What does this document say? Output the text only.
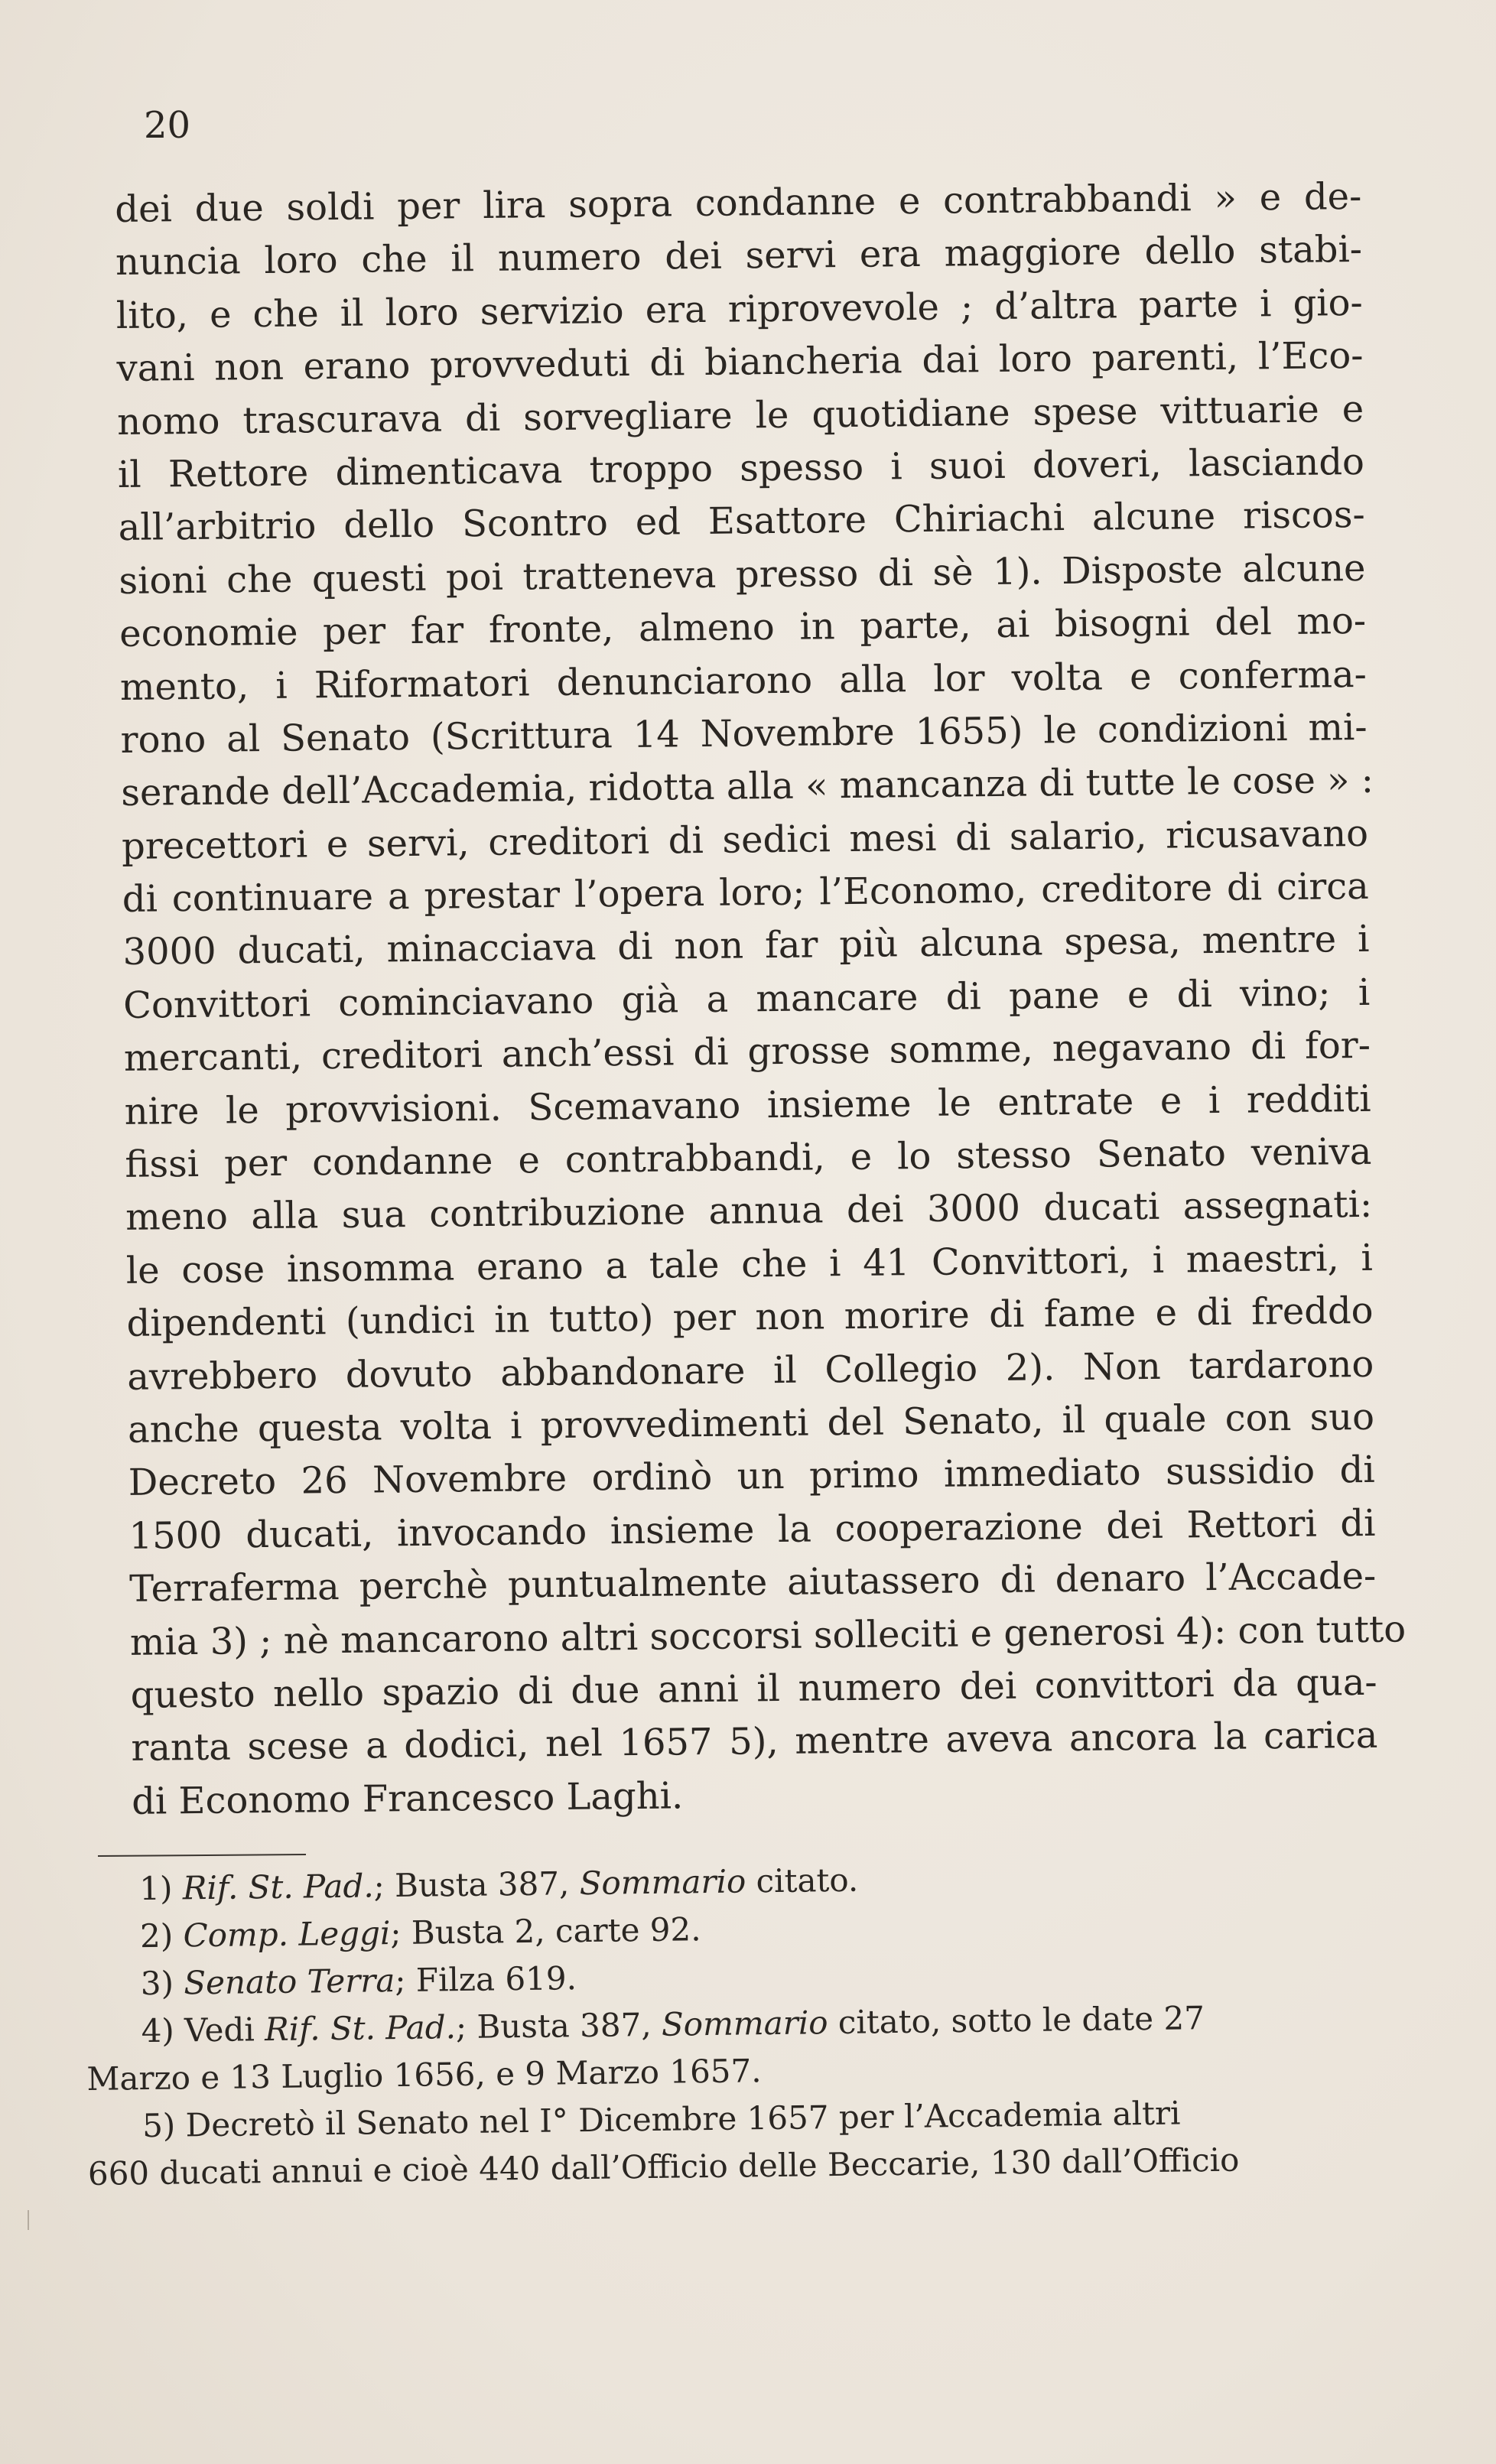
20
dei due soldi per lira sopra condanne e contrabbandi » e de-
nuncia loro che il numero dei servi era maggiore dello stabi-
lito, e che il loro servizio era riprovevole ; d’altra parte i gio-
vani non erano provveduti di biancheria dai loro parenti, l’Eco-
nomo trascurava di sorvegliare le quotidiane spese vittuarie e
il Rettore dimenticava troppo spesso i suoi doveri, lasciando
all’arbitrio dello Scontro ed Esattore Chiriachi alcune riscos-
sioni che questi poi tratteneva presso di sè 1). Disposte alcune
economie per far fronte, almeno in parte, ai bisogni del mo-
mento, i Riformatori denunciarono alla lor volta e conferma-
rono al Senato (Scrittura 14 Novembre 1655) le condizioni mi-
serande dell’Accademia, ridotta alla « mancanza di tutte le cose » :
precettori e servi, creditori di sedici mesi di salario, ricusavano
di continuare a prestar l’opera loro; l’Economo, creditore di circa
3000 ducati, minacciava di non far più alcuna spesa, mentre i
Convittori cominciavano già a mancare di pane e di vino; i
mercanti, creditori anch’essi di grosse somme, negavano di for-
nire le provvisioni. Scemavano insieme le entrate e i redditi
fissi per condanne e contrabbandi, e lo stesso Senato veniva
meno alla sua contribuzione annua dei 3000 ducati assegnati:
le cose insomma erano a tale che i 41 Convittori, i maestri, i
dipendenti (undici in tutto) per non morire di fame e di freddo
avrebbero dovuto abbandonare il Collegio 2). Non tardarono
anche questa volta i provvedimenti del Senato, il quale con suo
Decreto 26 Novembre ordinò un primo immediato sussidio di
1500 ducati, invocando insieme la cooperazione dei Rettori di
Terraferma perchè puntualmente aiutassero di denaro l’Accade-
mia 3) ; nè mancarono altri soccorsi solleciti e generosi 4): con tutto
questo nello spazio di due anni il numero dei convittori da qua-
ranta scese a dodici, nel 1657 5), mentre aveva ancora la carica
di Economo Francesco Laghi.
1) Rif. St. Pad.; Busta 387, Sommario citato.
2) Comp. Leggi; Busta 2, carte 92.
3) Senato Terra; Filza 619.
4) Vedi Rif. St. Pad.; Busta 387, Sommario citato, sotto le date 27
Marzo e 13 Luglio 1656, e 9 Marzo 1657.
5) Decretò il Senato nel I° Dicembre 1657 per l’Accademia altri
660 ducati annui e cioè 440 dall’Officio delle Beccarie, 130 dall’Officio
